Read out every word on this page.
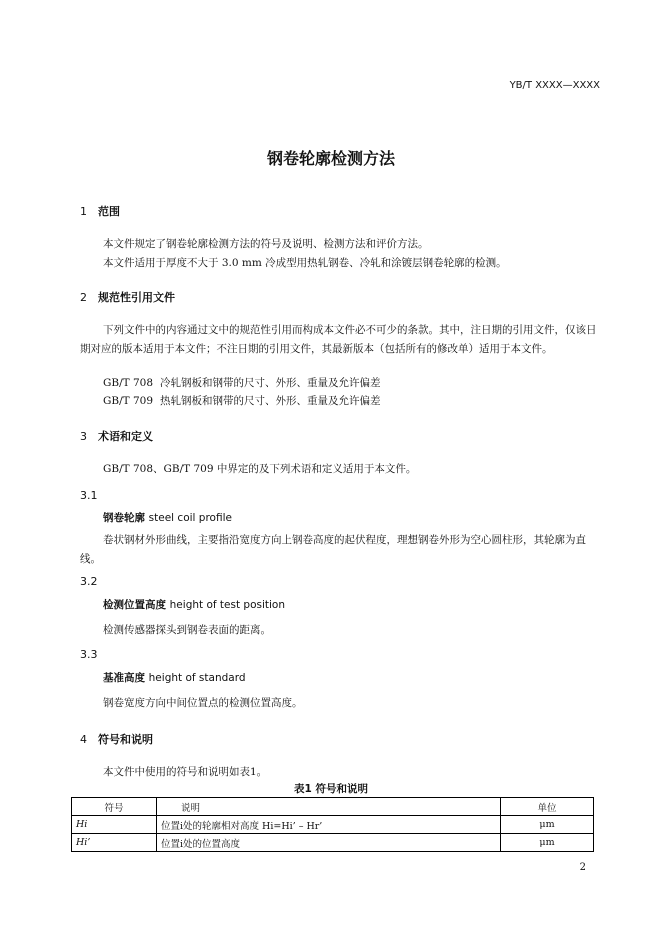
YB/T XXXX—XXXX
钢卷轮廓检测方法
1 范围
本文件规定了钢卷轮廓检测方法的符号及说明、检测方法和评价方法。
本文件适用于厚度不大于 3.0 mm 冷成型用热轧钢卷、冷轧和涂镀层钢卷轮廓的检测。
2 规范性引用文件
下列文件中的内容通过文中的规范性引用而构成本文件必不可少的条款。其中，注日期的引用文件，仅该日期对应的版本适用于本文件；不注日期的引用文件，其最新版本（包括所有的修改单）适用于本文件。
GB/T 708 冷轧钢板和钢带的尺寸、外形、重量及允许偏差
GB/T 709 热轧钢板和钢带的尺寸、外形、重量及允许偏差
3 术语和定义
GB/T 708、GB/T 709 中界定的及下列术语和定义适用于本文件。
3.1
钢卷轮廓 steel coil profile
卷状钢材外形曲线，主要指沿宽度方向上钢卷高度的起伏程度，理想钢卷外形为空心圆柱形，其轮廓为直线。
3.2
检测位置高度 height of test position
检测传感器探头到钢卷表面的距离。
3.3
基准高度 height of standard
钢卷宽度方向中间位置点的检测位置高度。
4 符号和说明
本文件中使用的符号和说明如表1。
表1 符号和说明
符号	说明	单位
Hi	位置i处的轮廓相对高度 Hi=Hi’ – Hr’	μm
Hi’	位置i处的位置高度	μm
2
